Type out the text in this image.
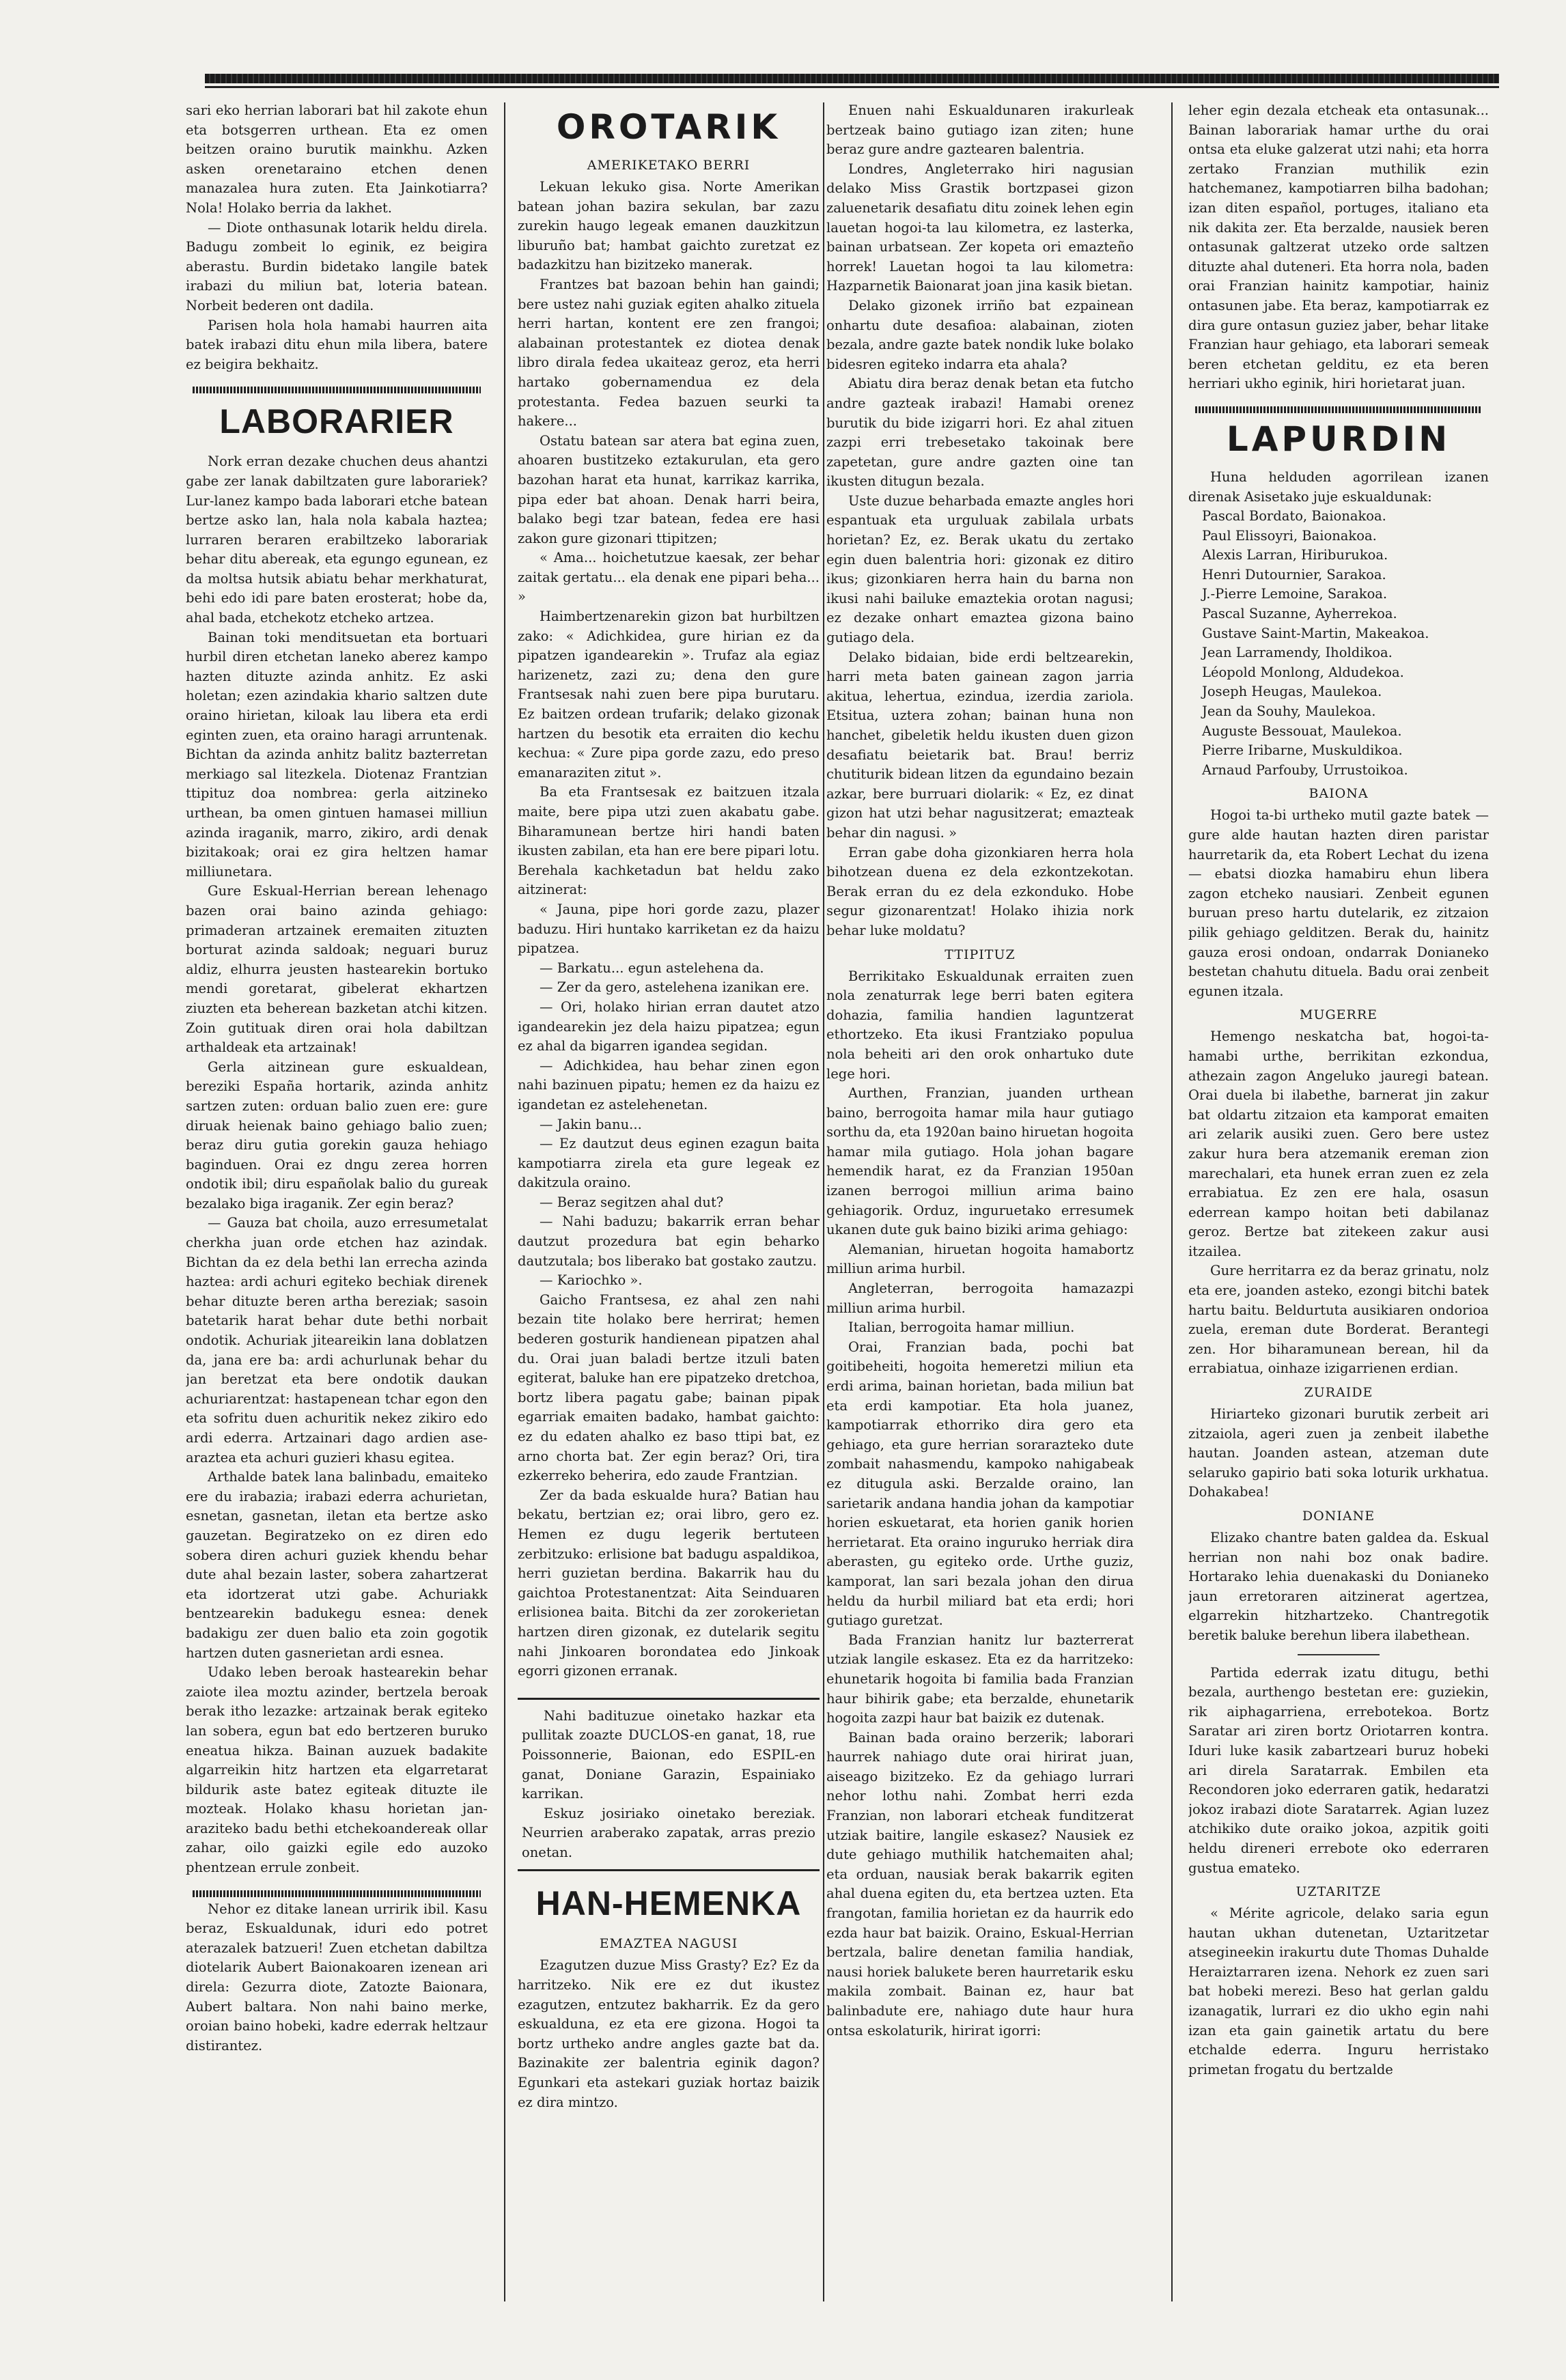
sari eko herrian laborari bat hil zakote ehun eta botsgerren urthean. Eta ez omen beitzen oraino burutik mainkhu. Azken asken orenetaraino etchen denen manazalea hura zuten. Eta Jainkotiarra? Nola! Holako berria da lakhet.

— Diote onthasunak lotarik heldu direla. Badugu zombeit lo eginik, ez beigira aberastu. Burdin bidetako langile batek irabazi du miliun bat, loteria batean. Norbeit bederen ont dadila.

Parisen hola hola hamabi haurren aita batek irabazi ditu ehun mila libera, batere ez beigira bekhaitz.

LABORARIER

Nork erran dezake chuchen deus ahantzi gabe zer lanak dabiltzaten gure laborariek? Lur-lanez kampo bada laborari etche batean bertze asko lan, hala nola kabala haztea; lurraren beraren erabiltzeko laborariak behar ditu abereak, eta egungo egunean, ez da moltsa hutsik abiatu behar merkhaturat, behi edo idi pare baten erosterat; hobe da, ahal bada, etchekotz etcheko artzea.

Bainan toki menditsuetan eta bortuari hurbil diren etchetan laneko aberez kampo hazten dituzte azinda anhitz. Ez aski holetan; ezen azindakia khario saltzen dute oraino hirietan, kiloak lau libera eta erdi eginten zuen, eta oraino haragi arruntenak. Bichtan da azinda anhitz balitz bazterretan merkiago sal litezkela. Diotenaz Frantzian ttipituz doa nombrea: gerla aitzineko urthean, ba omen gintuen hamasei milliun azinda iraganik, marro, zikiro, ardi denak bizitakoak; orai ez gira heltzen hamar milliunetara.

Gure Eskual-Herrian berean lehenago bazen orai baino azinda gehiago: primaderan artzainek eremaiten zituzten borturat azinda saldoak; neguari buruz aldiz, elhurra jeusten hastearekin bortuko mendi goretarat, gibelerat ekhartzen ziuzten eta beherean bazketan atchi kitzen. Zoin gutituak diren orai hola dabiltzan arthaldeak eta artzainak!

Gerla aitzinean gure eskualdean, bereziki España hortarik, azinda anhitz sartzen zuten: orduan balio zuen ere: gure diruak heienak baino gehiago balio zuen; beraz diru gutia gorekin gauza hehiago baginduen. Orai ez dngu zerea horren ondotik ibil; diru españolak balio du gureak bezalako biga iraganik. Zer egin beraz?

— Gauza bat choila, auzo erresumetalat cherkha juan orde etchen haz azindak. Bichtan da ez dela bethi lan errecha azinda haztea: ardi achuri egiteko bechiak direnek behar dituzte beren artha bereziak; sasoin batetarik harat behar dute bethi norbait ondotik. Achuriak jiteareikin lana doblatzen da, jana ere ba: ardi achurlunak behar du jan beretzat eta bere ondotik daukan achuriarentzat: hastapenean tchar egon den eta sofritu duen achuritik nekez zikiro edo ardi ederra. Artzainari dago ardien ase-araztea eta achuri guzieri khasu egitea.

Arthalde batek lana balinbadu, emaiteko ere du irabazia; irabazi ederra achurietan, esnetan, gasnetan, iletan eta bertze asko gauzetan. Begiratzeko on ez diren edo sobera diren achuri guziek khendu behar dute ahal bezain laster, sobera zahartzerat eta idortzerat utzi gabe. Achuriakk bentzearekin badukegu esnea: denek badakigu zer duen balio eta zoin gogotik hartzen duten gasnerietan ardi esnea.

Udako leben beroak hastearekin behar zaiote ilea moztu azinder, bertzela beroak berak itho lezazke: artzainak berak egiteko lan sobera, egun bat edo bertzeren buruko eneatua hikza. Bainan auzuek badakite algarreikin hitz hartzen eta elgarretarat bildurik aste batez egiteak dituzte ile mozteak. Holako khasu horietan jan-araziteko badu bethi etchekoandereak ollar zahar, oilo gaizki egile edo auzoko phentzean errule zonbeit.

Nehor ez ditake lanean urririk ibil. Kasu beraz, Eskualdunak, iduri edo potret aterazalek batzueri! Zuen etchetan dabiltza diotelarik Aubert Baionakoaren izenean ari direla: Gezurra diote, Zatozte Baionara, Aubert baltara. Non nahi baino merke, oroian baino hobeki, kadre ederrak heltzaur distirantez.

OROTARIK
AMERIKETAKO BERRI

Lekuan lekuko gisa. Norte Amerikan batean johan bazira sekulan, bar zazu zurekin haugo legeak emanen dauzkitzun liburuño bat; hambat gaichto zuretzat ez badazkitzu han bizitzeko manerak.

Frantzes bat bazoan behin han gaindi; bere ustez nahi guziak egiten ahalko zituela herri hartan, kontent ere zen frangoi; alabainan protestantek ez diotea denak libro dirala fedea ukaiteaz geroz, eta herri hartako gobernamendua ez dela protestanta. Fedea bazuen seurki ta hakere...

Ostatu batean sar atera bat egina zuen, ahoaren bustitzeko eztakurulan, eta gero bazohan harat eta hunat, karrikaz karrika, pipa eder bat ahoan. Denak harri beira, balako begi tzar batean, fedea ere hasi zakon gure gizonari ttipitzen;

« Ama... hoichetutzue kaesak, zer behar zaitak gertatu... ela denak ene pipari beha... »

Haimbertzenarekin gizon bat hurbiltzen zako: « Adichkidea, gure hirian ez da pipatzen igandearekin ». Trufaz ala egiaz harizenetz, zazi zu; dena den gure Frantsesak nahi zuen bere pipa burutaru. Ez baitzen ordean trufarik; delako gizonak hartzen du besotik eta erraiten dio kechu kechua: « Zure pipa gorde zazu, edo preso emanaraziten zitut ».

Ba eta Frantsesak ez baitzuen itzala maite, bere pipa utzi zuen akabatu gabe. Biharamunean bertze hiri handi baten ikusten zabilan, eta han ere bere pipari lotu. Berehala kachketadun bat heldu zako aitzinerat:

« Jauna, pipe hori gorde zazu, plazer baduzu. Hiri huntako karriketan ez da haizu pipatzea.

— Barkatu... egun astelehena da.

— Zer da gero, astelehena izanikan ere.

— Ori, holako hirian erran dautet atzo igandearekin jez dela haizu pipatzea; egun ez ahal da bigarren igandea segidan.

— Adichkidea, hau behar zinen egon nahi bazinuen pipatu; hemen ez da haizu ez igandetan ez astelehenetan.

— Jakin banu...

— Ez dautzut deus eginen ezagun baita kampotiarra zirela eta gure legeak ez dakitzula oraino.

— Beraz segitzen ahal dut?

— Nahi baduzu; bakarrik erran behar dautzut prozedura bat egin beharko dautzutala; bos liberako bat gostako zautzu.

— Kariochko ».

Gaicho Frantsesa, ez ahal zen nahi bezain tite holako bere herrirat; hemen bederen gosturik handienean pipatzen ahal du. Orai juan baladi bertze itzuli baten egiterat, baluke han ere pipatzeko dretchoa, bortz libera pagatu gabe; bainan pipak egarriak emaiten badako, hambat gaichto: ez du edaten ahalko ez baso ttipi bat, ez arno chorta bat. Zer egin beraz? Ori, tira ezkerreko beherira, edo zaude Frantzian.

Zer da bada eskualde hura? Batian hau bekatu, bertzian ez; orai libro, gero ez. Hemen ez dugu legerik bertuteen zerbitzuko: erlisione bat badugu aspaldikoa, herri guzietan berdina. Bakarrik hau du gaichtoa Protestanentzat: Aita Seinduaren erlisionea baita. Bitchi da zer zorokerietan hartzen diren gizonak, ez dutelarik segitu nahi Jinkoaren borondatea edo Jinkoak egorri gizonen erranak.

Nahi badituzue oinetako hazkar eta pullitak zoazte DUCLOS-en ganat, 18, rue Poissonnerie, Baionan, edo ESPIL-en ganat, Doniane Garazin, Espainiako karrikan.

Eskuz josiriako oinetako bereziak. Neurrien araberako zapatak, arras prezio onetan.

HAN-HEMENKA
EMAZTEA NAGUSI

Ezagutzen duzue Miss Grasty? Ez? Ez da harritzeko. Nik ere ez dut ikustez ezagutzen, entzutez bakharrik. Ez da gero eskualduna, ez eta ere gizona. Hogoi ta bortz urtheko andre angles gazte bat da. Bazinakite zer balentria eginik dagon? Egunkari eta astekari guziak hortaz baizik ez dira mintzo.

Enuen nahi Eskualdunaren irakurleak bertzeak baino gutiago izan ziten; hune beraz gure andre gaztearen balentria.

Londres, Angleterrako hiri nagusian delako Miss Grastik bortzpasei gizon zaluenetarik desafiatu ditu zoinek lehen egin lauetan hogoi-ta lau kilometra, ez lasterka, bainan urbatsean. Zer kopeta ori emazteño horrek! Lauetan hogoi ta lau kilometra: Hazparnetik Baionarat joan jina kasik bietan.

Delako gizonek irriño bat ezpainean onhartu dute desafioa: alabainan, zioten bezala, andre gazte batek nondik luke bolako bidesren egiteko indarra eta ahala?

Abiatu dira beraz denak betan eta futcho andre gazteak irabazi! Hamabi orenez burutik du bide izigarri hori. Ez ahal zituen zazpi erri trebesetako takoinak bere zapetetan, gure andre gazten oine tan ikusten ditugun bezala.

Uste duzue beharbada emazte angles hori espantuak eta urguluak zabilala urbats horietan? Ez, ez. Berak ukatu du zertako egin duen balentria hori: gizonak ez ditiro ikus; gizonkiaren herra hain du barna non ikusi nahi bailuke emaztekia orotan nagusi; ez dezake onhart emaztea gizona baino gutiago dela.

Delako bidaian, bide erdi beltzearekin, harri meta baten gainean zagon jarria akitua, lehertua, ezindua, izerdia zariola. Etsitua, uztera zohan; bainan huna non hanchet, gibeletik heldu ikusten duen gizon desafiatu beietarik bat. Brau! berriz chutiturik bidean litzen da egundaino bezain azkar, bere burruari diolarik: « Ez, ez dinat gizon hat utzi behar nagusitzerat; emazteak behar din nagusi. »

Erran gabe doha gizonkiaren herra hola bihotzean duena ez dela ezkontzekotan. Berak erran du ez dela ezkonduko. Hobe segur gizonarentzat! Holako ihizia nork behar luke moldatu?

TTIPITUZ

Berrikitako Eskualdunak erraiten zuen nola zenaturrak lege berri baten egitera dohazia, familia handien laguntzerat ethortzeko. Eta ikusi Frantziako populua nola beheiti ari den orok onhartuko dute lege hori.

Aurthen, Franzian, juanden urthean baino, berrogoita hamar mila haur gutiago sorthu da, eta 1920an baino hiruetan hogoita hamar mila gutiago. Hola johan bagare hemendik harat, ez da Franzian 1950an izanen berrogoi milliun arima baino gehiagorik. Orduz, inguruetako erresumek ukanen dute guk baino biziki arima gehiago:

Alemanian, hiruetan hogoita hamabortz milliun arima hurbil.

Angleterran, berrogoita hamazazpi milliun arima hurbil.

Italian, berrogoita hamar milliun.

Orai, Franzian bada, pochi bat goitibeheiti, hogoita hemeretzi miliun eta erdi arima, bainan horietan, bada miliun bat eta erdi kampotiar. Eta hola juanez, kampotiarrak ethorriko dira gero eta gehiago, eta gure herrian sorarazteko dute zombait nahasmendu, kampoko nahigabeak ez ditugula aski. Berzalde oraino, lan sarietarik andana handia johan da kampotiar horien eskuetarat, eta horien ganik horien herrietarat. Eta oraino inguruko herriak dira aberasten, gu egiteko orde. Urthe guziz, kamporat, lan sari bezala johan den dirua heldu da hurbil miliard bat eta erdi; hori gutiago guretzat.

Bada Franzian hanitz lur bazterrerat utziak langile eskasez. Eta ez da harritzeko: ehunetarik hogoita bi familia bada Franzian haur bihirik gabe; eta berzalde, ehunetarik hogoita zazpi haur bat baizik ez dutenak.

Bainan bada oraino berzerik; laborari haurrek nahiago dute orai hirirat juan, aiseago bizitzeko. Ez da gehiago lurrari nehor lothu nahi. Zombat herri ezda Franzian, non laborari etcheak funditzerat utziak baitire, langile eskasez? Nausiek ez dute gehiago muthilik hatchemaiten ahal; eta orduan, nausiak berak bakarrik egiten ahal duena egiten du, eta bertzea uzten. Eta frangotan, familia horietan ez da haurrik edo ezda haur bat baizik. Oraino, Eskual-Herrian bertzala, balire denetan familia handiak, nausi horiek balukete beren haurretarik esku makila zombait. Bainan ez, haur bat balinbadute ere, nahiago dute haur hura ontsa eskolaturik, hirirat igorri:

leher egin dezala etcheak eta ontasunak... Bainan laborariak hamar urthe du orai ontsa eta eluke galzerat utzi nahi; eta horra zertako Franzian muthilik ezin hatchemanez, kampotiarren bilha badohan; izan diten español, portuges, italiano eta nik dakita zer. Eta berzalde, nausiek beren ontasunak galtzerat utzeko orde saltzen dituzte ahal duteneri. Eta horra nola, baden orai Franzian hainitz kampotiar, hainiz ontasunen jabe. Eta beraz, kampotiarrak ez dira gure ontasun guziez jaber, behar litake Franzian haur gehiago, eta laborari semeak beren etchetan gelditu, ez eta beren herriari ukho eginik, hiri horietarat juan.

LAPURDIN

Huna helduden agorrilean izanen direnak Asisetako juje eskualdunak:

Pascal Bordato, Baionakoa.

Paul Elissoyri, Baionakoa.

Alexis Larran, Hiriburukoa.

Henri Dutournier, Sarakoa.

J.-Pierre Lemoine, Sarakoa.

Pascal Suzanne, Ayherrekoa.

Gustave Saint-Martin, Makeakoa.

Jean Larramendy, Iholdikoa.

Léopold Monlong, Aldudekoa.

Joseph Heugas, Maulekoa.

Jean da Souhy, Maulekoa.

Auguste Bessouat, Maulekoa.

Pierre Iribarne, Muskuldikoa.

Arnaud Parfouby, Urrustoikoa.

BAIONA

Hogoi ta-bi urtheko mutil gazte batek — gure alde hautan hazten diren paristar haurretarik da, eta Robert Lechat du izena — ebatsi diozka hamabiru ehun libera zagon etcheko nausiari. Zenbeit egunen buruan preso hartu dutelarik, ez zitzaion pilik gehiago gelditzen. Berak du, hainitz gauza erosi ondoan, ondarrak Donianeko bestetan chahutu dituela. Badu orai zenbeit egunen itzala.

MUGERRE

Hemengo neskatcha bat, hogoi-ta-hamabi urthe, berrikitan ezkondua, athezain zagon Angeluko jauregi batean. Orai duela bi ilabethe, barnerat jin zakur bat oldartu zitzaion eta kamporat emaiten ari zelarik ausiki zuen. Gero bere ustez zakur hura bera atzemanik ereman zion marechalari, eta hunek erran zuen ez zela errabiatua. Ez zen ere hala, osasun ederrean kampo hoitan beti dabilanaz geroz. Bertze bat zitekeen zakur ausi itzailea.

Gure herritarra ez da beraz grinatu, nolz eta ere, joanden asteko, ezongi bitchi batek hartu baitu. Beldurtuta ausikiaren ondorioa zuela, ereman dute Borderat. Berantegi zen. Hor biharamunean berean, hil da errabiatua, oinhaze izigarrienen erdian.

ZURAIDE

Hiriarteko gizonari burutik zerbeit ari zitzaiola, ageri zuen ja zenbeit ilabethe hautan. Joanden astean, atzeman dute selaruko gapirio bati soka loturik urkhatua. Dohakabea!

DONIANE

Elizako chantre baten galdea da. Eskual herrian non nahi boz onak badire. Hortarako lehia duenakaski du Donianeko jaun erretoraren aitzinerat agertzea, elgarrekin hitzhartzeko. Chantregotik beretik baluke berehun libera ilabethean.

Partida ederrak izatu ditugu, bethi bezala, aurthengo bestetan ere: guziekin, rik aiphagarriena, errebotekoa. Bortz Saratar ari ziren bortz Oriotarren kontra. Iduri luke kasik zabartzeari buruz hobeki ari direla Saratarrak. Embilen eta Recondoren joko ederraren gatik, hedaratzi jokoz irabazi diote Saratarrek. Agian luzez atchikiko dute oraiko jokoa, azpitik goiti heldu direneri errebote oko ederraren gustua emateko.

UZTARITZE

« Mérite agricole, delako saria egun hautan ukhan dutenetan, Uztaritzetar atsegineekin irakurtu dute Thomas Duhalde Heraiztarraren izena. Nehork ez zuen sari bat hobeki merezi. Beso hat gerlan galdu izanagatik, lurrari ez dio ukho egin nahi izan eta gain gainetik artatu du bere etchalde ederra. Inguru herristako primetan frogatu du bertzalde
